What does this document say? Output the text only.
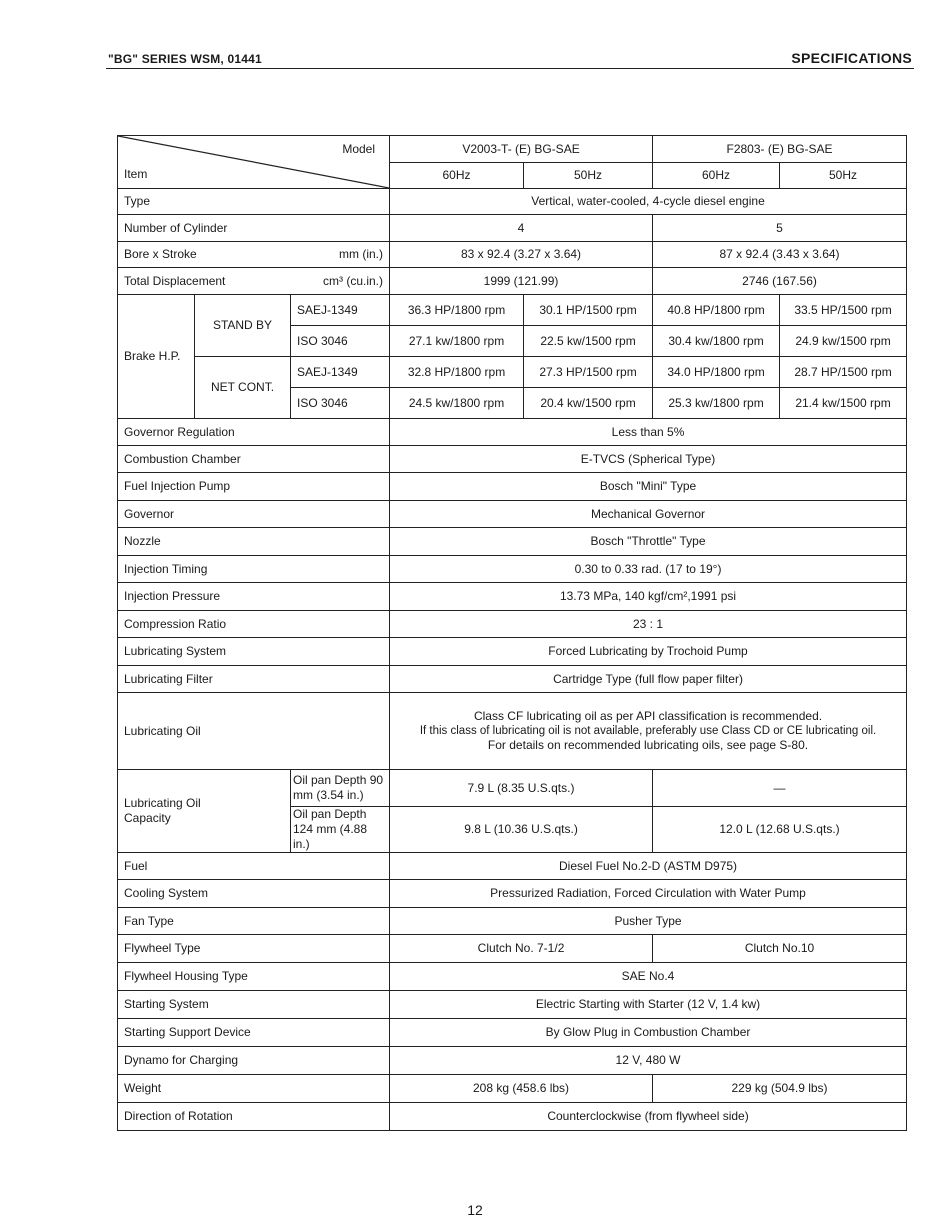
"BG" SERIES WSM, 01441	SPECIFICATIONS
Model
Item			V2003-T- (E) BG-SAE		F2803- (E) BG-SAE	
			60Hz	50Hz	60Hz	50Hz
Type			Vertical, water-cooled, 4-cycle diesel engine			
Number of Cylinder			4		5	

Bore x Stroke mm (in.)			83 x 92.4 (3.27 x 3.64)		87 x 92.4 (3.43 x 3.64)	

Total Displacement cm³ (cu.in.)			1999 (121.99)		2746 (167.56)	
Brake H.P.	STAND BY	SAEJ-1349	36.3 HP/1800 rpm	30.1 HP/1500 rpm	40.8 HP/1800 rpm	33.5 HP/1500 rpm
		ISO 3046	27.1 kw/1800 rpm	22.5 kw/1500 rpm	30.4 kw/1800 rpm	24.9 kw/1500 rpm
	NET CONT.	SAEJ-1349	32.8 HP/1800 rpm	27.3 HP/1500 rpm	34.0 HP/1800 rpm	28.7 HP/1500 rpm
		ISO 3046	24.5 kw/1800 rpm	20.4 kw/1500 rpm	25.3 kw/1800 rpm	21.4 kw/1500 rpm
Governor Regulation			Less than 5%			
Combustion Chamber			E-TVCS (Spherical Type)			
Fuel Injection Pump			Bosch "Mini" Type			
Governor			Mechanical Governor			
Nozzle			Bosch "Throttle" Type			
Injection Timing			0.30 to 0.33 rad. (17 to 19°)			
Injection Pressure			13.73 MPa, 140 kgf/cm²,1991 psi			
Compression Ratio			23 : 1			
Lubricating System			Forced Lubricating by Trochoid Pump			
Lubricating Filter			Cartridge Type (full flow paper filter)			
Lubricating Oil			Class CF lubricating oil as per API classification is recommended.
If this class of lubricating oil is not available, preferably use Class CD or CE lubricating oil.
For details on recommended lubricating oils, see page S-80.			

Lubricating Oil Capacity		Oil pan Depth 90 mm (3.54 in.)	7.9 L (8.35 U.S.qts.)		—	
		Oil pan Depth 124 mm (4.88 in.)	9.8 L (10.36 U.S.qts.)		12.0 L (12.68 U.S.qts.)	
Fuel			Diesel Fuel No.2-D (ASTM D975)			
Cooling System			Pressurized Radiation, Forced Circulation with Water Pump			
Fan Type			Pusher Type			
Flywheel Type			Clutch No. 7-1/2		Clutch No.10	
Flywheel Housing Type			SAE No.4			
Starting System			Electric Starting with Starter (12 V, 1.4 kw)			
Starting Support Device			By Glow Plug in Combustion Chamber			
Dynamo for Charging			12 V, 480 W			
Weight			208 kg (458.6 lbs)		229 kg (504.9 lbs)	
Direction of Rotation			Counterclockwise (from flywheel side)			
12
